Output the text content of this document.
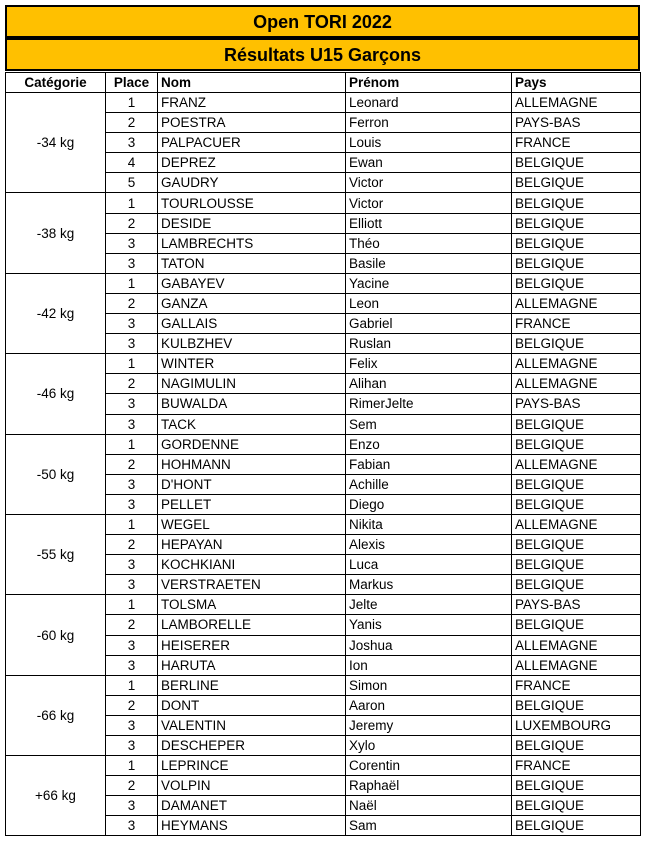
Open TORI 2022
Résultats U15 Garçons
Catégorie	Place	Nom	Prénom	Pays
-34 kg	1	FRANZ	Leonard	ALLEMAGNE
	2	POESTRA	Ferron	PAYS-BAS
	3	PALPACUER	Louis	FRANCE
	4	DEPREZ	Ewan	BELGIQUE
	5	GAUDRY	Victor	BELGIQUE
-38 kg	1	TOURLOUSSE	Victor	BELGIQUE
	2	DESIDE	Elliott	BELGIQUE
	3	LAMBRECHTS	Théo	BELGIQUE
	3	TATON	Basile	BELGIQUE
-42 kg	1	GABAYEV	Yacine	BELGIQUE
	2	GANZA	Leon	ALLEMAGNE
	3	GALLAIS	Gabriel	FRANCE
	3	KULBZHEV	Ruslan	BELGIQUE
-46 kg	1	WINTER	Felix	ALLEMAGNE
	2	NAGIMULIN	Alihan	ALLEMAGNE
	3	BUWALDA	RimerJelte	PAYS-BAS
	3	TACK	Sem	BELGIQUE
-50 kg	1	GORDENNE	Enzo	BELGIQUE
	2	HOHMANN	Fabian	ALLEMAGNE
	3	D'HONT	Achille	BELGIQUE
	3	PELLET	Diego	BELGIQUE
-55 kg	1	WEGEL	Nikita	ALLEMAGNE
	2	HEPAYAN	Alexis	BELGIQUE
	3	KOCHKIANI	Luca	BELGIQUE
	3	VERSTRAETEN	Markus	BELGIQUE
-60 kg	1	TOLSMA	Jelte	PAYS-BAS
	2	LAMBORELLE	Yanis	BELGIQUE
	3	HEISERER	Joshua	ALLEMAGNE
	3	HARUTA	Ion	ALLEMAGNE
-66 kg	1	BERLINE	Simon	FRANCE
	2	DONT	Aaron	BELGIQUE
	3	VALENTIN	Jeremy	LUXEMBOURG
	3	DESCHEPER	Xylo	BELGIQUE
+66 kg	1	LEPRINCE	Corentin	FRANCE
	2	VOLPIN	Raphaël	BELGIQUE
	3	DAMANET	Naël	BELGIQUE
	3	HEYMANS	Sam	BELGIQUE
